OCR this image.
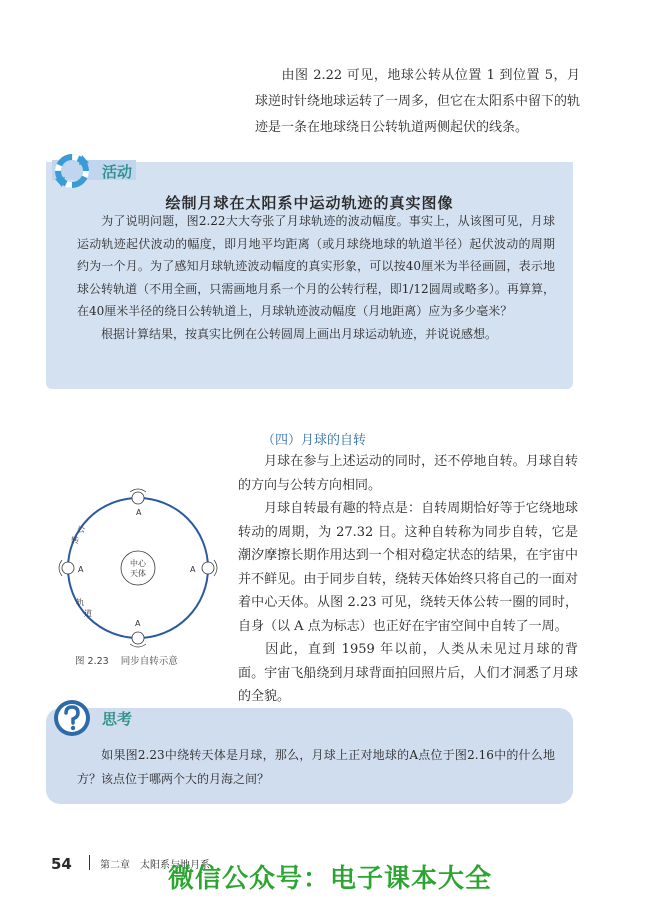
由图 2.22 可见，地球公转从位置 1 到位置 5，月球逆时针绕地球运转了一周多，但它在太阳系中留下的轨迹是一条在地球绕日公转轨道两侧起伏的线条。
活动
绘制月球在太阳系中运动轨迹的真实图像

为了说明问题，图2.22大大夸张了月球轨迹的波动幅度。事实上，从该图可见，月球运动轨迹起伏波动的幅度，即月地平均距离（或月球绕地球的轨道半径）起伏波动的周期约为一个月。为了感知月球轨迹波动幅度的真实形象，可以按40厘米为半径画圆，表示地球公转轨道（不用全画，只需画地月系一个月的公转行程，即1/12圆周或略多）。再算算，在40厘米半径的绕日公转轨道上，月球轨迹波动幅度（月地距离）应为多少毫米？

根据计算结果，按真实比例在公转圆周上画出月球运动轨迹，并说说感想。

（四）月球的自转

月球在参与上述运动的同时，还不停地自转。月球自转的方向与公转方向相同。

月球自转最有趣的特点是：自转周期恰好等于它绕地球转动的周期，为 27.32 日。这种自转称为同步自转，它是潮汐摩擦长期作用达到一个相对稳定状态的结果，在宇宙中并不鲜见。由于同步自转，绕转天体始终只将自己的一面对着中心天体。从图 2.23 可见，绕转天体公转一圈的同时，自身（以 A 点为标志）也正好在宇宙空间中自转了一周。

因此，直到 1959 年以前，人类从未见过月球的背面。宇宙飞船绕到月球背面拍回照片后，人们才洞悉了月球的全貌。

中心
天体
A
A	A
A
公
转
轨
道
图 2.23 同步自转示意
思考
如果图2.23中绕转天体是月球，那么，月球上正对地球的A点位于图2.16中的什么地方？该点位于哪两个大的月海之间？
54	第二章　太阳系与地月系
微信公众号：电子课本大全
